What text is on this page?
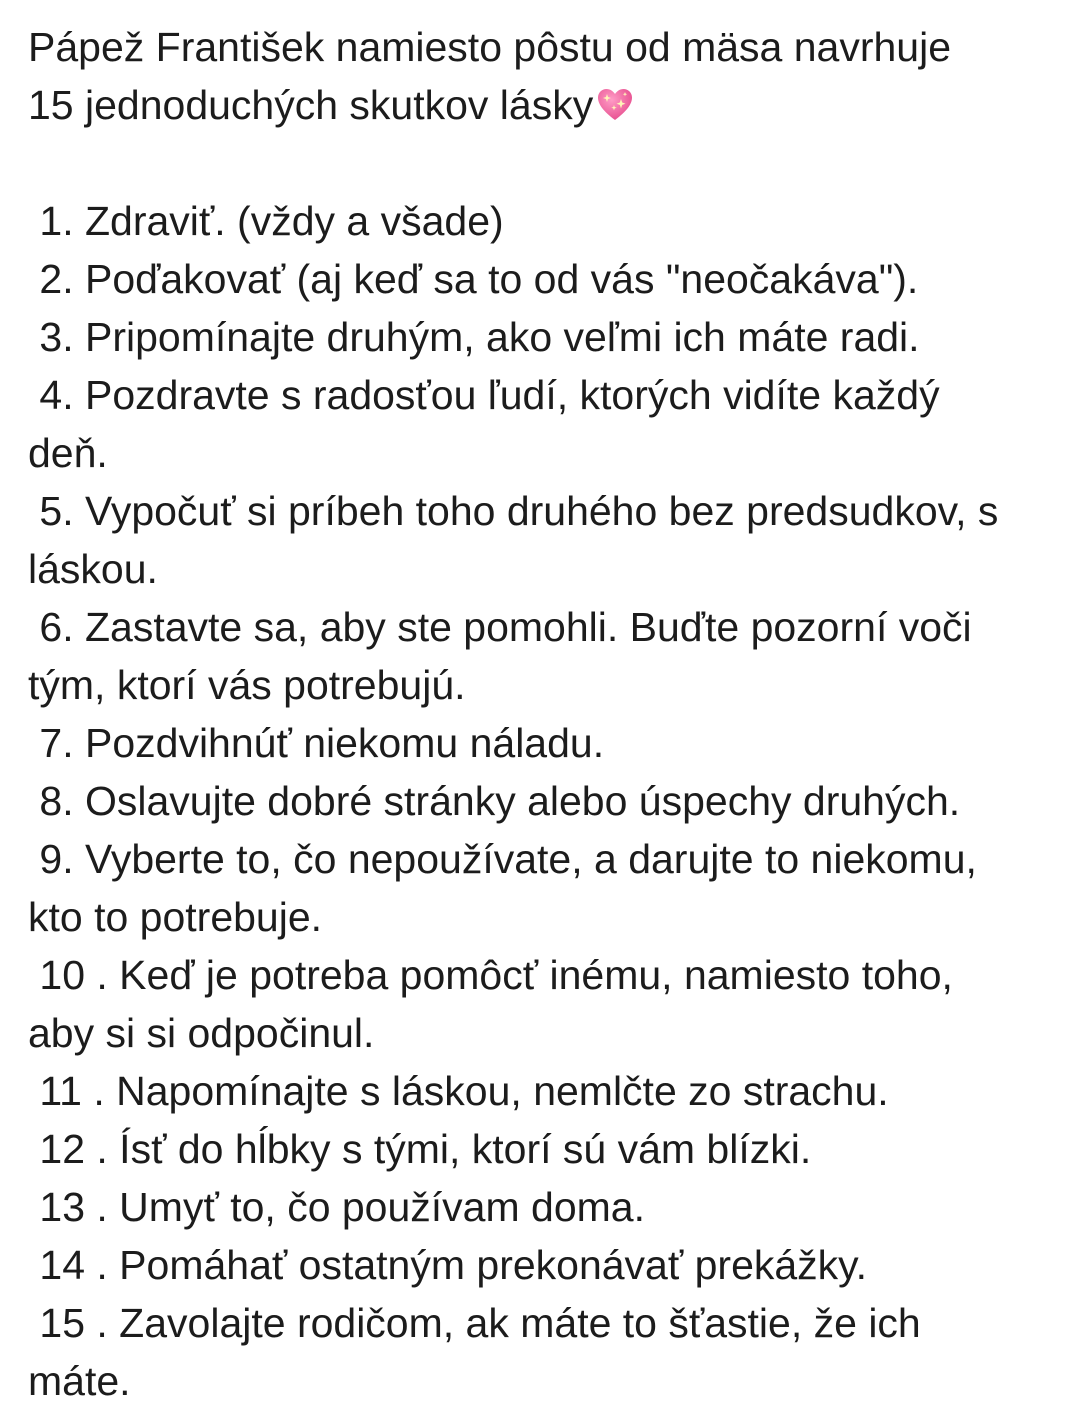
Pápež František namiesto pôstu od mäsa navrhuje
15 jednoduchých skutkov lásky
1. Zdraviť. (vždy a všade)
2. Poďakovať (aj keď sa to od vás "neočakáva").
3. Pripomínajte druhým, ako veľmi ich máte radi.
4. Pozdravte s radosťou ľudí, ktorých vidíte každý
deň.
5. Vypočuť si príbeh toho druhého bez predsudkov, s
láskou.
6. Zastavte sa, aby ste pomohli. Buďte pozorní voči
tým, ktorí vás potrebujú.
7. Pozdvihnúť niekomu náladu.
8. Oslavujte dobré stránky alebo úspechy druhých.
9. Vyberte to, čo nepoužívate, a darujte to niekomu,
kto to potrebuje.
10 . Keď je potreba pomôcť inému, namiesto toho,
aby si si odpočinul.
11 . Napomínajte s láskou, nemlčte zo strachu.
12 . Ísť do hĺbky s tými, ktorí sú vám blízki.
13 . Umyť to, čo používam doma.
14 . Pomáhať ostatným prekonávať prekážky.
15 . Zavolajte rodičom, ak máte to šťastie, že ich
máte.
